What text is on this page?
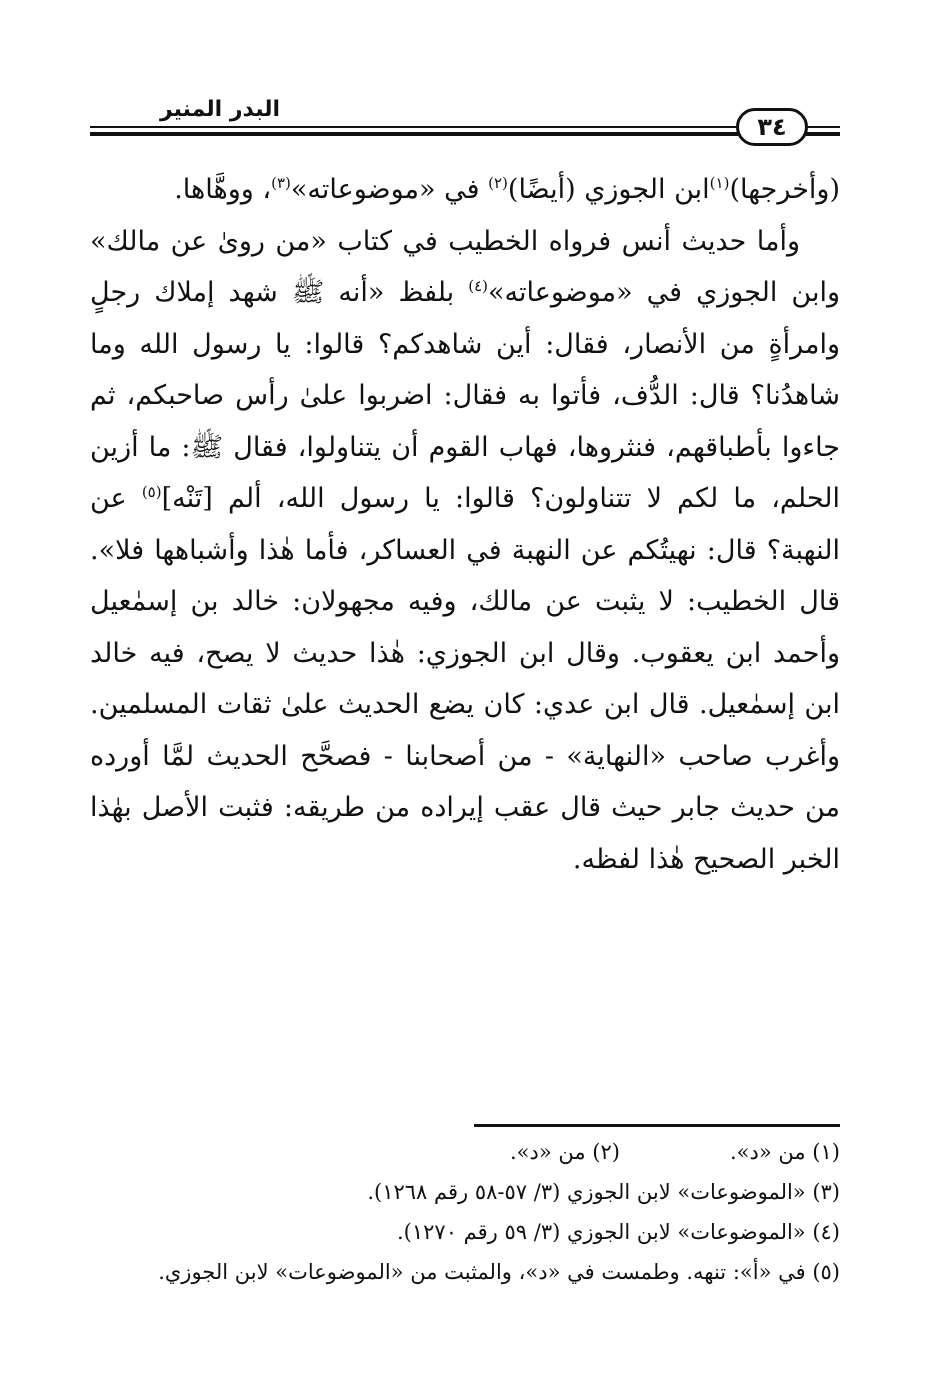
البدر المنير
٣٤

(وأخرجها)$^{(١)}$ابن الجوزي (أيضًا)$^{(٢)}$ في «موضوعاته»$^{(٣)}$، ووهَّاها.

وأما حديث أنس فرواه الخطيب في كتاب «من روىٰ عن مالك» وابن الجوزي في «موضوعاته»$^{(٤)}$ بلفظ «أنه ﷺ شهد إملاك رجلٍ وامرأةٍ من الأنصار، فقال: أين شاهدكم؟ قالوا: يا رسول الله وما شاهدُنا؟ قال: الدُّف، فأتوا به فقال: اضربوا علىٰ رأس صاحبكم، ثم جاءوا بأطباقهم، فنثروها، فهاب القوم أن يتناولوا، فقال ﷺ: ما أزين الحلم، ما لكم لا تتناولون؟ قالوا: يا رسول الله، ألم [تَنْه]$^{(٥)}$ عن النهبة؟ قال: نهيتُكم عن النهبة في العساكر، فأما هٰذا وأشباهها فلا». قال الخطيب: لا يثبت عن مالك، وفيه مجهولان: خالد بن إسمٰعيل وأحمد ابن يعقوب. وقال ابن الجوزي: هٰذا حديث لا يصح، فيه خالد ابن إسمٰعيل. قال ابن عدي: كان يضع الحديث علىٰ ثقات المسلمين. وأغرب صاحب «النهاية» - من أصحابنا - فصحَّح الحديث لمَّا أورده من حديث جابر حيث قال عقب إيراده من طريقه: فثبت الأصل بهٰذا الخبر الصحيح هٰذا لفظه.

(١) من «د».(٢) من «د».
(٣) «الموضوعات» لابن الجوزي (٣/ ٥٧-٥٨ رقم ١٢٦٨).
(٤) «الموضوعات» لابن الجوزي (٣/ ٥٩ رقم ١٢٧٠).
(٥) في «أ»: تنهه. وطمست في «د»، والمثبت من «الموضوعات» لابن الجوزي.
